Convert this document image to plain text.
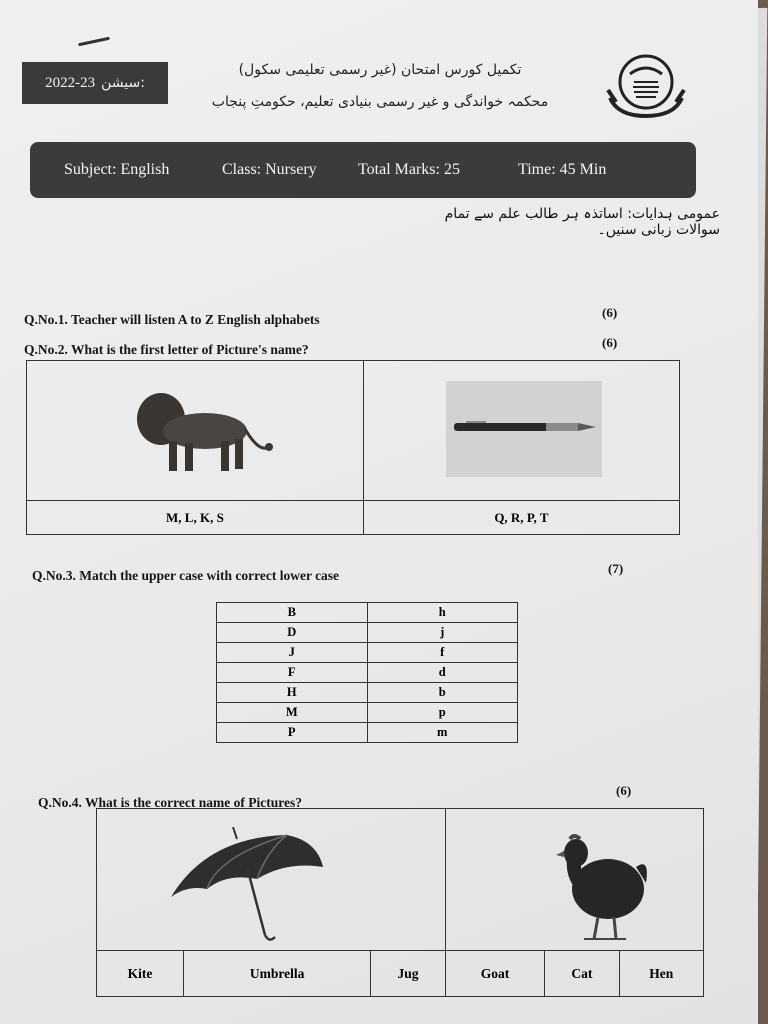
2022-23 سیشن:
تکمیل کورس امتحان (غیر رسمی تعلیمی سکول)
محکمہ خواندگی و غیر رسمی بنیادی تعلیم، حکومتِ پنجاب
Subject: English	Class: Nursery	Total Marks: 25	Time: 45 Min
عمومی ہدایات: اساتذہ ہر طالب علم سے تمام سوالات زبانی سنیں۔
Q.No.1. Teacher will listen A to Z English alphabets	(6)
Q.No.2. What is the first letter of Picture's name?	(6)

M, L, K, S	Q, R, P, T
Q.No.3. Match the upper case with correct lower case	(7)
B	h
D	j
J	f
F	d
H	b
M	p
P	m
Q.No.4. What is the correct name of Pictures?
(6)

Kite	Umbrella	Jug	Goat	Cat	Hen
